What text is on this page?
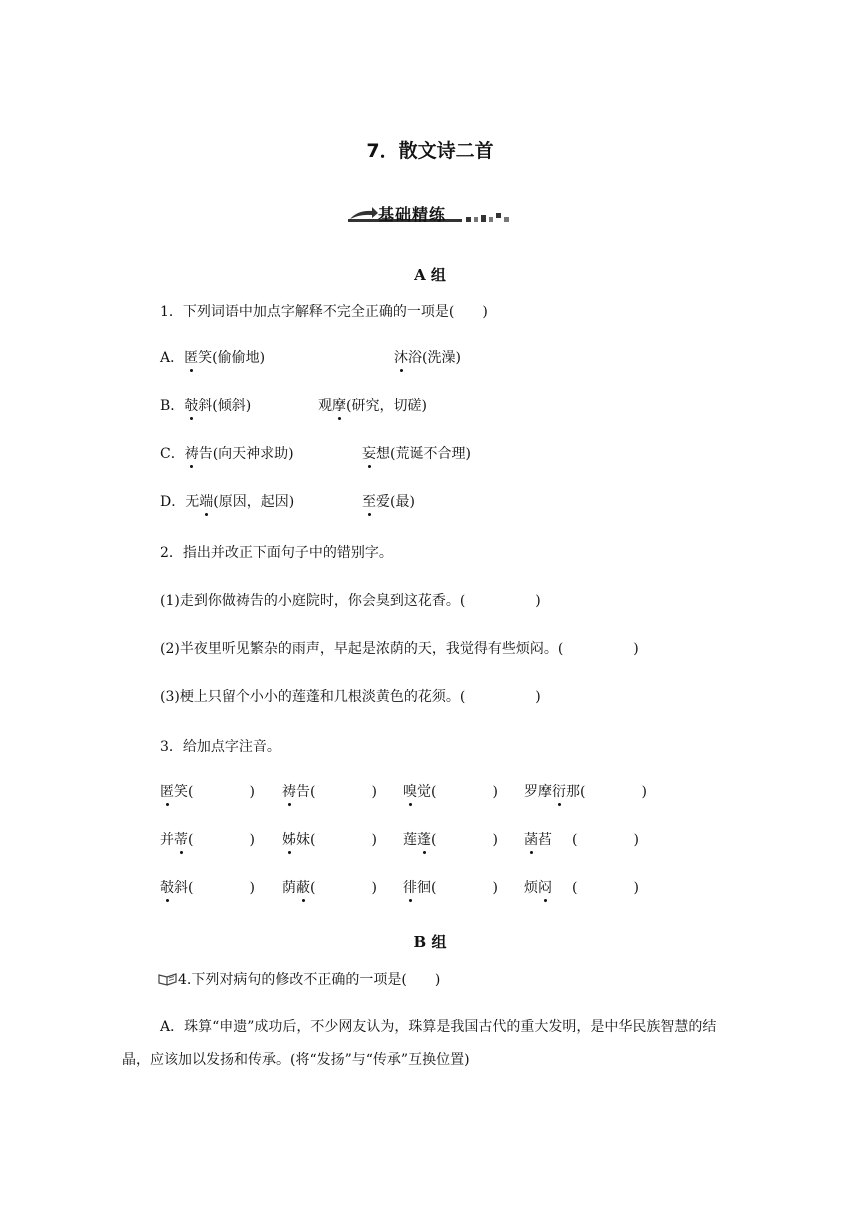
7．散文诗二首
基础精练
A 组
1．下列词语中加点字解释不完全正确的一项是(　　)
A．匿笑(偷偷地)	沐浴(洗澡)
B．攲斜(倾斜)	观摩(研究，切磋)
C．祷告(向天神求助)	妄想(荒诞不合理)
D．无端(原因，起因)	至爱(最)
2．指出并改正下面句子中的错别字。
(1)走到你做祷告的小庭院时，你会臭到这花香。(　　　　　)
(2)半夜里听见繁杂的雨声，早起是浓荫的天，我觉得有些烦闷。(　　　　　)
(3)梗上只留个小小的莲蓬和几根淡黄色的花须。(　　　　　)
3．给加点字注音。
匿笑(　　　　) 祷告(　　　　) 嗅觉(　　　　) 罗摩衍那(　　　　)
并蒂(　　　　) 姊妹(　　　　) 莲蓬(　　　　) 菡萏 (　　　　)
攲斜(　　　　) 荫蔽(　　　　) 徘徊(　　　　) 烦闷 (　　　　)
B 组
4.下列对病句的修改不正确的一项是(　　)
A．珠算“申遗”成功后，不少网友认为，珠算是我国古代的重大发明，是中华民族智慧的结晶，应该加以发扬和传承。(将“发扬”与“传承”互换位置)
